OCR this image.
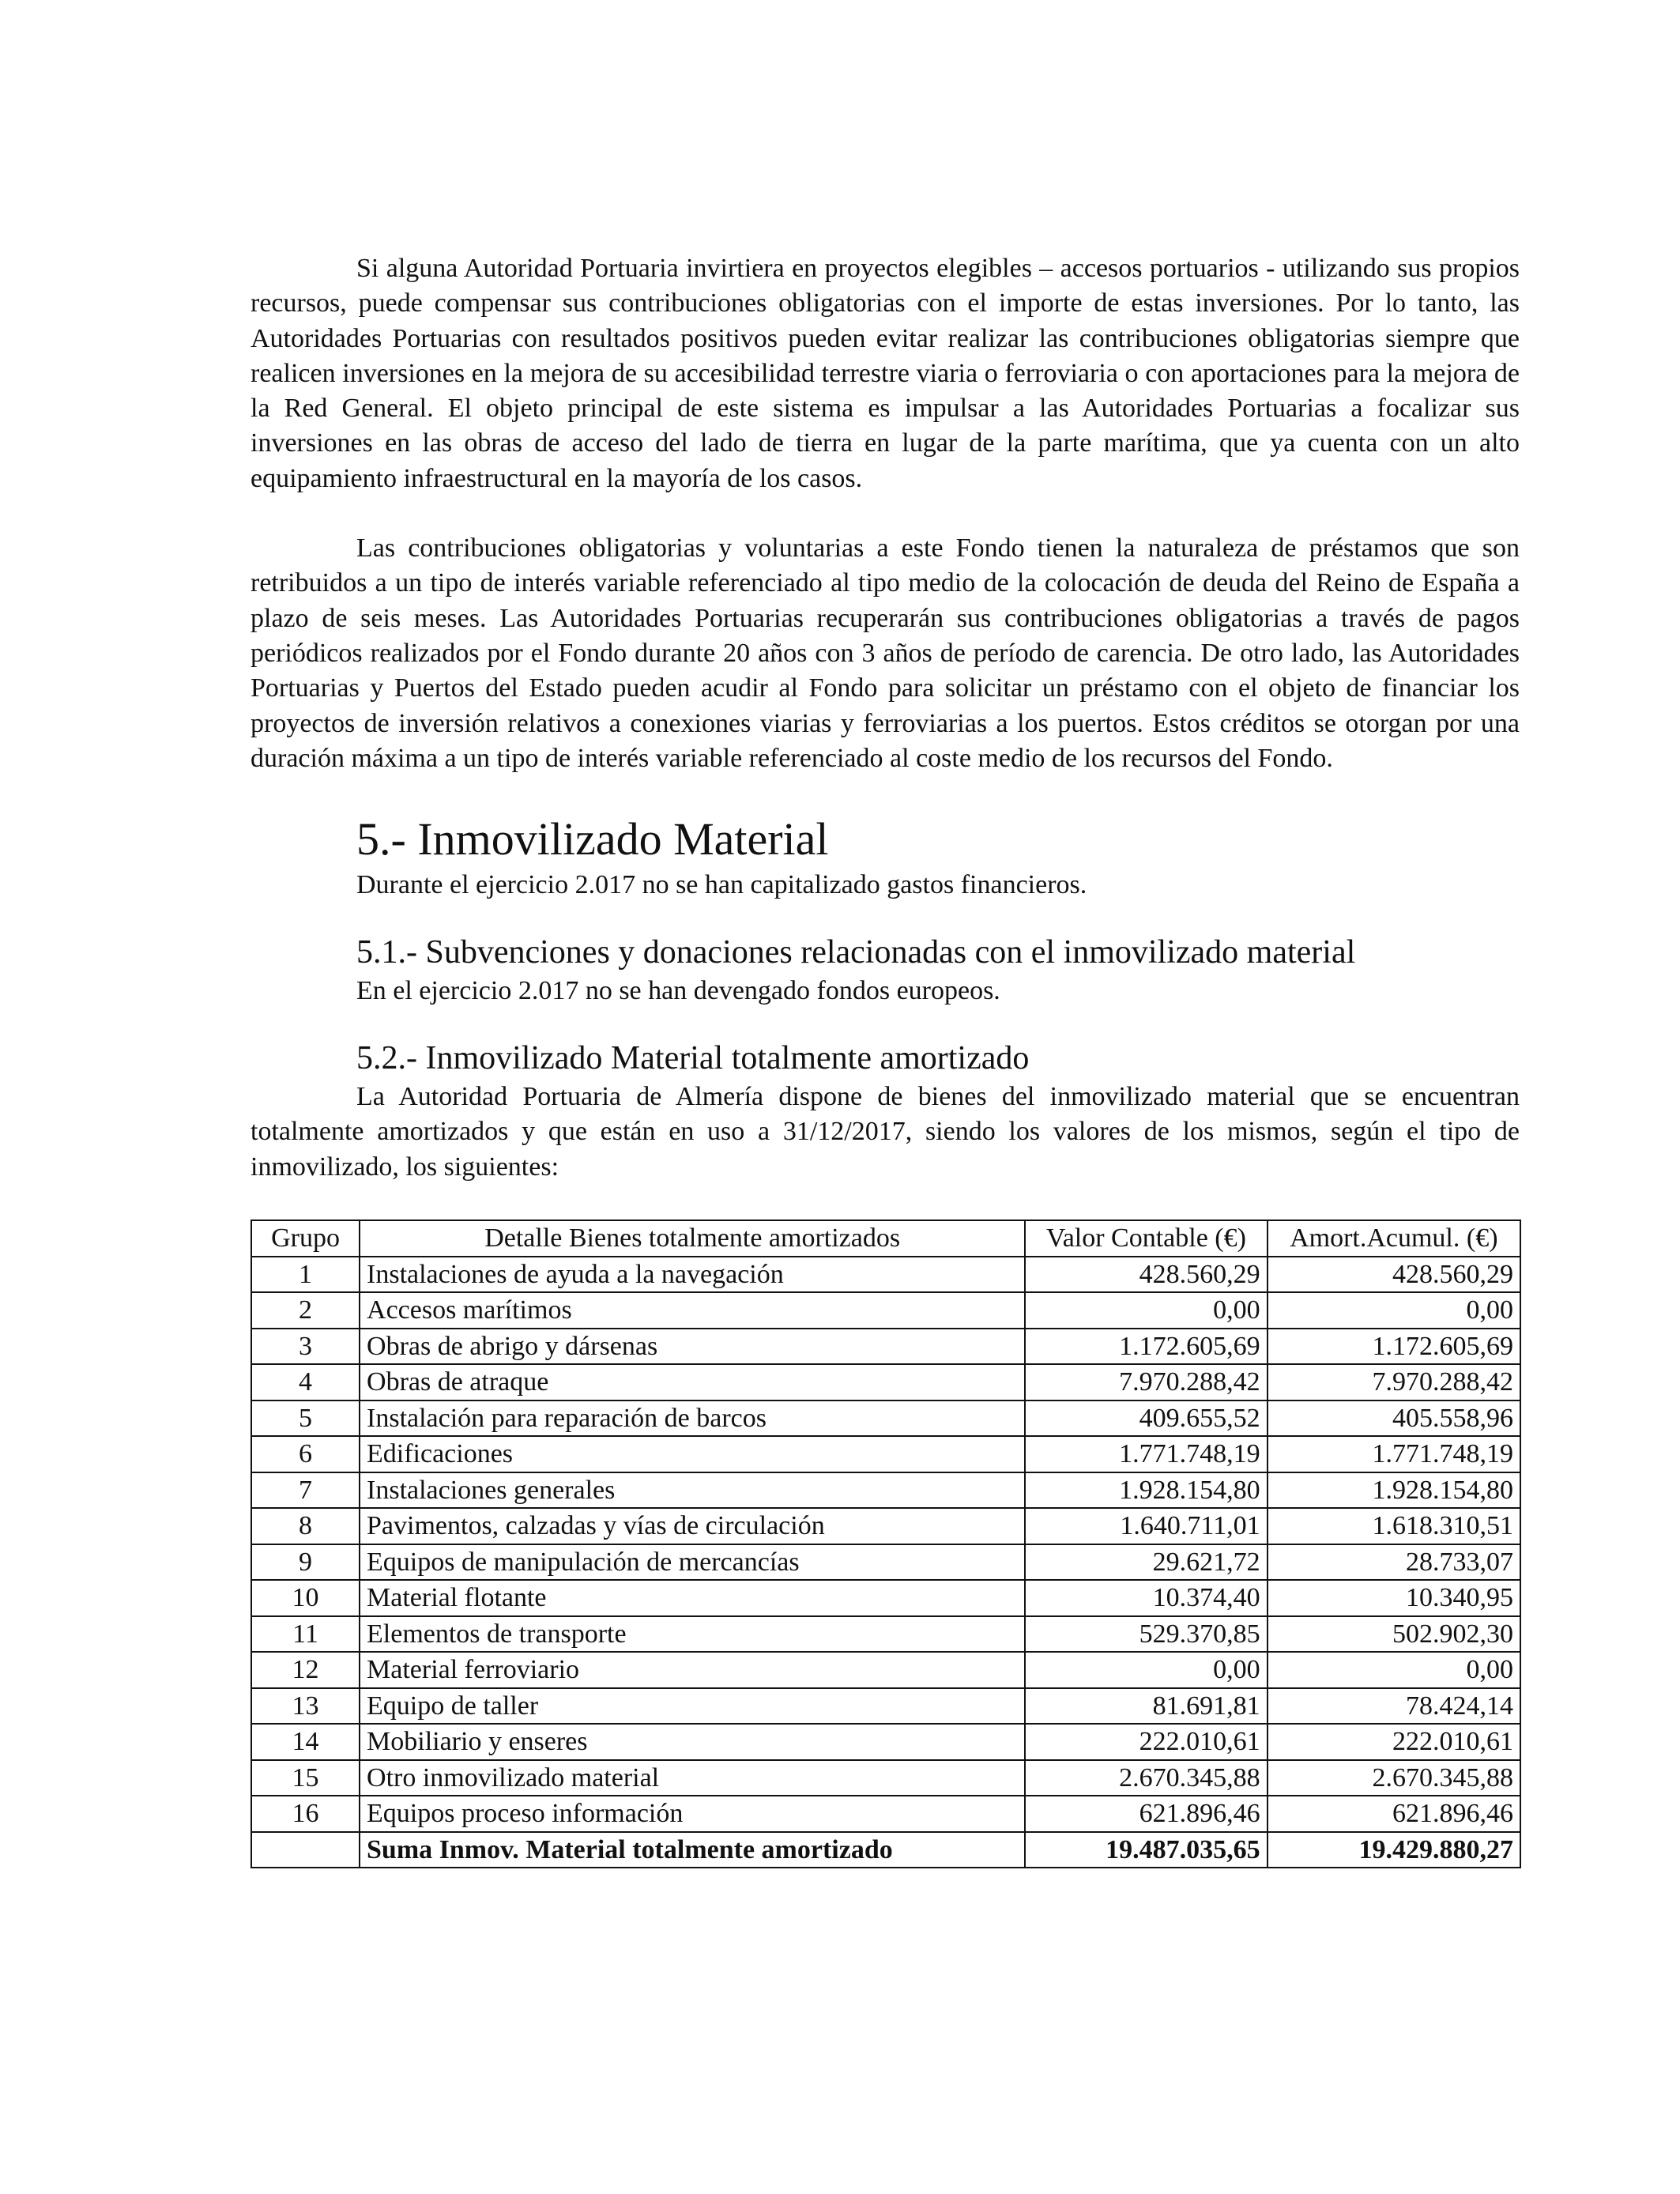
Si alguna Autoridad Portuaria invirtiera en proyectos elegibles – accesos portuarios - utilizando sus propios recursos, puede compensar sus contribuciones obligatorias con el importe de estas inversiones. Por lo tanto, las Autoridades Portuarias con resultados positivos pueden evitar realizar las contribuciones obligatorias siempre que realicen inversiones en la mejora de su accesibilidad terrestre viaria o ferroviaria o con aportaciones para la mejora de la Red General. El objeto principal de este sistema es impulsar a las Autoridades Portuarias a focalizar sus inversiones en las obras de acceso del lado de tierra en lugar de la parte marítima, que ya cuenta con un alto equipamiento infraestructural en la mayoría de los casos.

Las contribuciones obligatorias y voluntarias a este Fondo tienen la naturaleza de préstamos que son retribuidos a un tipo de interés variable referenciado al tipo medio de la colocación de deuda del Reino de España a plazo de seis meses. Las Autoridades Portuarias recuperarán sus contribuciones obligatorias a través de pagos periódicos realizados por el Fondo durante 20 años con 3 años de período de carencia. De otro lado, las Autoridades Portuarias y Puertos del Estado pueden acudir al Fondo para solicitar un préstamo con el objeto de financiar los proyectos de inversión relativos a conexiones viarias y ferroviarias a los puertos. Estos créditos se otorgan por una duración máxima a un tipo de interés variable referenciado al coste medio de los recursos del Fondo.

5.- Inmovilizado Material

Durante el ejercicio 2.017 no se han capitalizado gastos financieros.

5.1.- Subvenciones y donaciones relacionadas con el inmovilizado material

En el ejercicio 2.017 no se han devengado fondos europeos.

5.2.- Inmovilizado Material totalmente amortizado

La Autoridad Portuaria de Almería dispone de bienes del inmovilizado material que se encuentran totalmente amortizados y que están en uso a 31/12/2017, siendo los valores de los mismos, según el tipo de inmovilizado, los siguientes:

Grupo	Detalle Bienes totalmente amortizados	Valor Contable (€)	Amort.Acumul. (€)
1	Instalaciones de ayuda a la navegación	428.560,29	428.560,29
2	Accesos marítimos	0,00	0,00
3	Obras de abrigo y dársenas	1.172.605,69	1.172.605,69
4	Obras de atraque	7.970.288,42	7.970.288,42
5	Instalación para reparación de barcos	409.655,52	405.558,96
6	Edificaciones	1.771.748,19	1.771.748,19
7	Instalaciones generales	1.928.154,80	1.928.154,80
8	Pavimentos, calzadas y vías de circulación	1.640.711,01	1.618.310,51
9	Equipos de manipulación de mercancías	29.621,72	28.733,07
10	Material flotante	10.374,40	10.340,95
11	Elementos de transporte	529.370,85	502.902,30
12	Material ferroviario	0,00	0,00
13	Equipo de taller	81.691,81	78.424,14
14	Mobiliario y enseres	222.010,61	222.010,61
15	Otro inmovilizado material	2.670.345,88	2.670.345,88
16	Equipos proceso información	621.896,46	621.896,46
	Suma Inmov. Material totalmente amortizado	19.487.035,65	19.429.880,27
